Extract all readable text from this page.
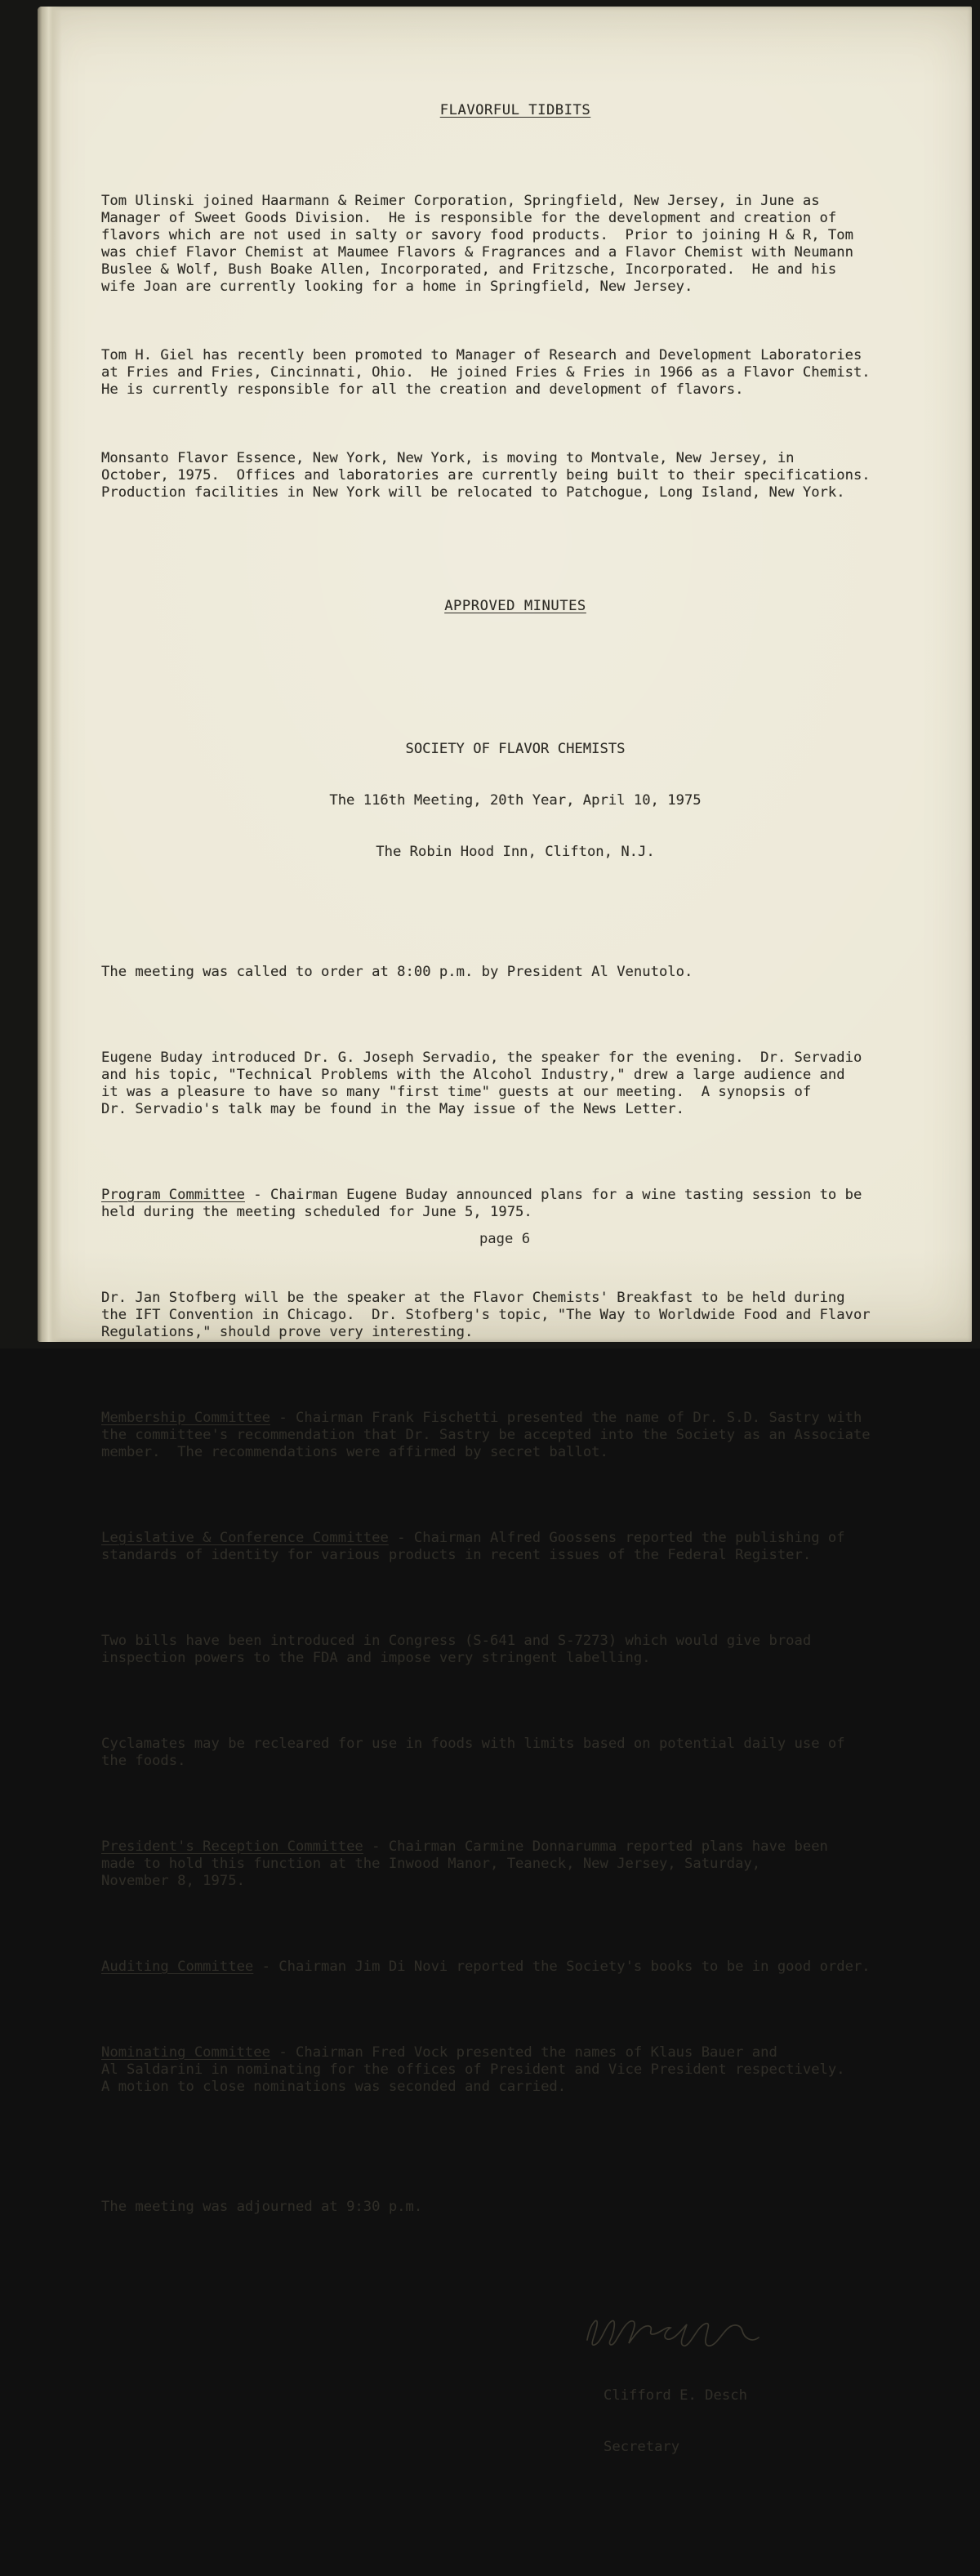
FLAVORFUL TIDBITS

Tom Ulinski joined Haarmann & Reimer Corporation, Springfield, New Jersey, in June as
Manager of Sweet Goods Division.  He is responsible for the development and creation of
flavors which are not used in salty or savory food products.  Prior to joining H & R, Tom
was chief Flavor Chemist at Maumee Flavors & Fragrances and a Flavor Chemist with Neumann
Buslee & Wolf, Bush Boake Allen, Incorporated, and Fritzsche, Incorporated.  He and his
wife Joan are currently looking for a home in Springfield, New Jersey.

Tom H. Giel has recently been promoted to Manager of Research and Development Laboratories
at Fries and Fries, Cincinnati, Ohio.  He joined Fries & Fries in 1966 as a Flavor Chemist.
He is currently responsible for all the creation and development of flavors.

Monsanto Flavor Essence, New York, New York, is moving to Montvale, New Jersey, in
October, 1975.  Offices and laboratories are currently being built to their specifications.
Production facilities in New York will be relocated to Patchogue, Long Island, New York.

APPROVED MINUTES

SOCIETY OF FLAVOR CHEMISTS

The 116th Meeting, 20th Year, April 10, 1975

The Robin Hood Inn, Clifton, N.J.

The meeting was called to order at 8:00 p.m. by President Al Venutolo.

Eugene Buday introduced Dr. G. Joseph Servadio, the speaker for the evening.  Dr. Servadio
and his topic, "Technical Problems with the Alcohol Industry," drew a large audience and
it was a pleasure to have so many "first time" guests at our meeting.  A synopsis of
Dr. Servadio's talk may be found in the May issue of the News Letter.

Program Committee - Chairman Eugene Buday announced plans for a wine tasting session to be
held during the meeting scheduled for June 5, 1975.

Dr. Jan Stofberg will be the speaker at the Flavor Chemists' Breakfast to be held during
the IFT Convention in Chicago.  Dr. Stofberg's topic, "The Way to Worldwide Food and Flavor
Regulations," should prove very interesting.

Membership Committee - Chairman Frank Fischetti presented the name of Dr. S.D. Sastry with
the committee's recommendation that Dr. Sastry be accepted into the Society as an Associate
member.  The recommendations were affirmed by secret ballot.

Legislative & Conference Committee - Chairman Alfred Goossens reported the publishing of
standards of identity for various products in recent issues of the Federal Register.

Two bills have been introduced in Congress (S-641 and S-7273) which would give broad
inspection powers to the FDA and impose very stringent labelling.

Cyclamates may be recleared for use in foods with limits based on potential daily use of
the foods.

President's Reception Committee - Chairman Carmine Donnarumma reported plans have been
made to hold this function at the Inwood Manor, Teaneck, New Jersey, Saturday,
November 8, 1975.

Auditing Committee - Chairman Jim Di Novi reported the Society's books to be in good order.

Nominating Committee - Chairman Fred Vock presented the names of Klaus Bauer and
Al Saldarini in nominating for the offices of President and Vice President respectively.
A motion to close nominations was seconded and carried.

The meeting was adjourned at 9:30 p.m.

Clifford E. Desch

Secretary

page 6
